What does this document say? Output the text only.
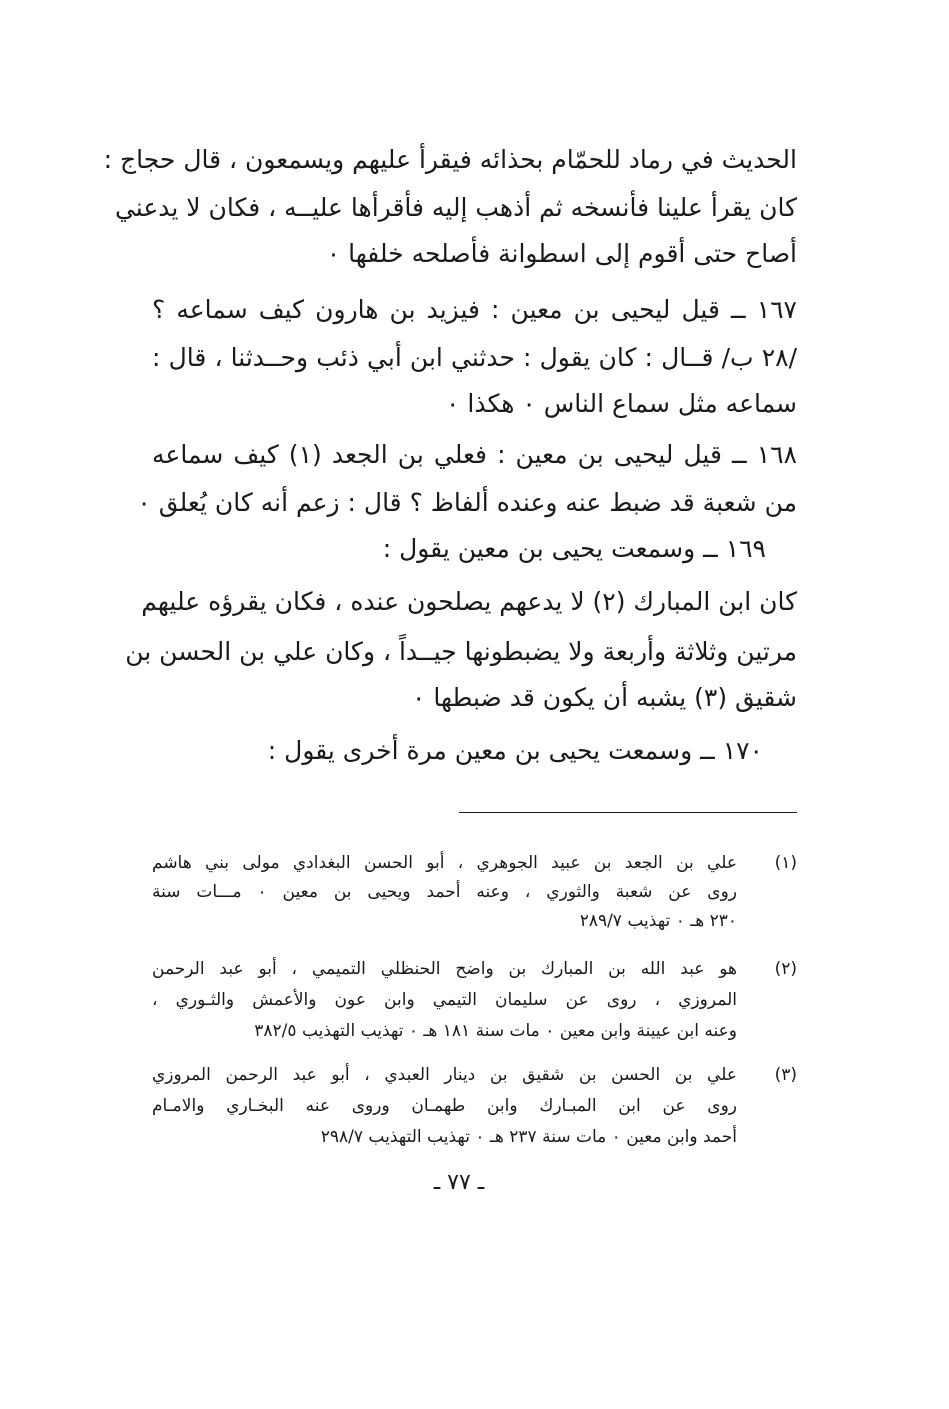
الحديث في رماد للحمّام بحذائه فيقرأ عليهم ويسمعون ، قال حجاج :
كان يقرأ علينا فأنسخه ثم أذهب إليه فأقرأها عليــه ، فكان لا يدعني
أصاح حتى أقوم إلى اسطوانة فأصلحه خلفها ٠
١٦٧ ــ قيل ليحيى بن معين : فيزيد بن هارون كيف سماعه ؟
/٢٨ ب/ قــال : كان يقول : حدثني ابن أبي ذئب وحــدثنا ، قال :
سماعه مثل سماع الناس ٠ هكذا ٠
١٦٨ ــ قيل ليحيى بن معين : فعلي بن الجعد (١) كيف سماعه
من شعبة قد ضبط عنه وعنده ألفاظ ؟ قال : زعم أنه كان يُعلق ٠
١٦٩ ــ وسمعت يحيى بن معين يقول :
كان ابن المبارك (٢) لا يدعهم يصلحون عنده ، فكان يقرؤه عليهم
مرتين وثلاثة وأربعة ولا يضبطونها جيــداً ، وكان علي بن الحسن بن
شقيق (٣) يشبه أن يكون قد ضبطها ٠
١٧٠ ــ وسمعت يحيى بن معين مرة أخرى يقول :
(١)
علي بن الجعد بن عبيد الجوهري ، أبو الحسن البغدادي مولى بني هاشم
روى عن شعبة والثوري ، وعنه أحمد ويحيى بن معين ٠ مـــات سنة
٢٣٠ هـ ٠ تهذيب ٢٨٩/٧
(٢)
هو عبد الله بن المبارك بن واضح الحنظلي التميمي ، أبو عبد الرحمن
المروزي ، روى عن سليمان التيمي وابن عون والأعمش والثـوري ،
وعنه ابن عيينة وابن معين ٠ مات سنة ١٨١ هـ ٠ تهذيب التهذيب ٣٨٢/٥
(٣)
علي بن الحسن بن شقيق بن دينار العبدي ، أبو عبد الرحمن المروزي
روى عن ابن المبـارك وابن طهمـان وروى عنه البخـاري والامـام
أحمد وابن معين ٠ مات سنة ٢٣٧ هـ ٠ تهذيب التهذيب ٢٩٨/٧
ـ ٧٧ ـ
